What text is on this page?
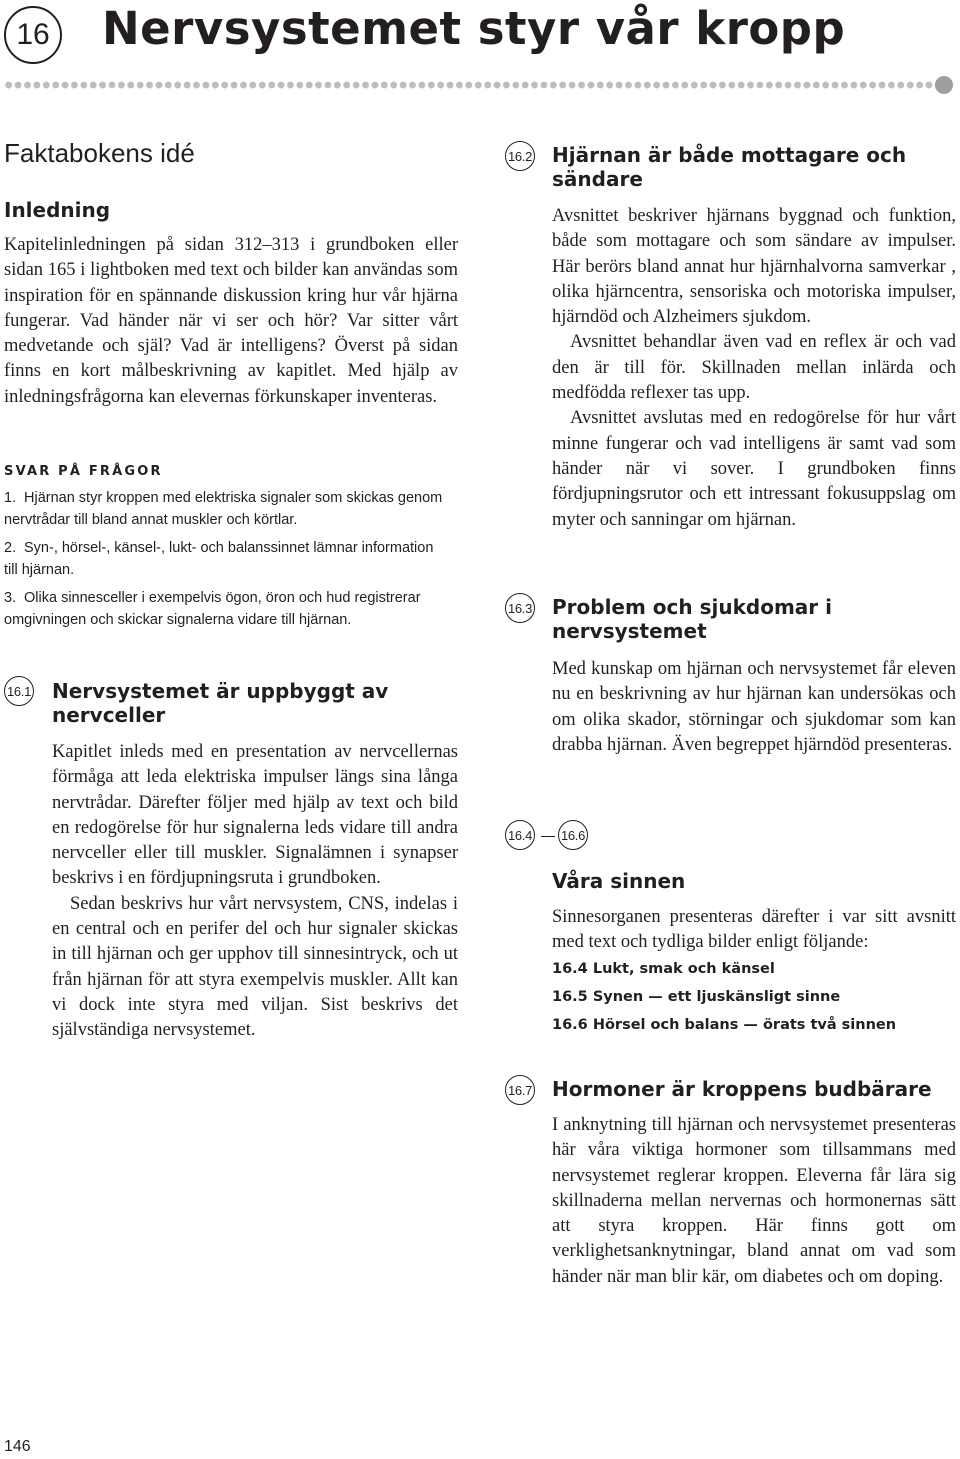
16 Nervsystemet styr vår kropp
Faktabokens idé
Inledning

Kapitelinledningen på sidan 312–313 i grundboken eller sidan 165 i lightboken med text och bilder kan användas som inspiration för en spännande diskussion kring hur vår hjärna fungerar. Vad händer när vi ser och hör? Var sitter vårt medvetande och själ? Vad är intelligens? Överst på sidan finns en kort målbeskrivning av kapitlet. Med hjälp av inledningsfrågorna kan elevernas förkunskaper inventeras.

SVAR PÅ FRÅGOR
1. Hjärnan styr kroppen med elektriska signaler som skickas genom nervtrådar till bland annat muskler och körtlar.
2. Syn-, hörsel-, känsel-, lukt- och balanssinnet lämnar information till hjärnan.
3. Olika sinnesceller i exempelvis ögon, öron och hud registrerar omgivningen och skickar signalerna vidare till hjärnan.
16.1 Nervsystemet är uppbyggt av nervceller

Kapitlet inleds med en presentation av nervcellernas förmåga att leda elektriska impulser längs sina långa nervtrådar. Därefter följer med hjälp av text och bild en redogörelse för hur signalerna leds vidare till andra nervceller eller till muskler. Signalämnen i synapser beskrivs i en fördjupningsruta i grundboken.

Sedan beskrivs hur vårt nervsystem, CNS, indelas i en central och en perifer del och hur signaler skickas in till hjärnan och ger upphov till sinnesintryck, och ut från hjärnan för att styra exempelvis muskler. Allt kan vi dock inte styra med viljan. Sist beskrivs det självständiga nervsystemet.

16.2 Hjärnan är både mottagare och sändare

Avsnittet beskriver hjärnans byggnad och funktion, både som mottagare och som sändare av impulser. Här berörs bland annat hur hjärnhalvorna samverkar , olika hjärncentra, sensoriska och motoriska impulser, hjärndöd och Alzheimers sjukdom.

Avsnittet behandlar även vad en reflex är och vad den är till för. Skillnaden mellan inlärda och medfödda reflexer tas upp.

Avsnittet avslutas med en redogörelse för hur vårt minne fungerar och vad intelligens är samt vad som händer när vi sover. I grundboken finns fördjupningsrutor och ett intressant fokusuppslag om myter och sanningar om hjärnan.

16.3 Problem och sjukdomar i nervsystemet

Med kunskap om hjärnan och nervsystemet får eleven nu en beskrivning av hur hjärnan kan undersökas och om olika skador, störningar och sjukdomar som kan drabba hjärnan. Även begreppet hjärndöd presenteras.

16.4 16.6
Våra sinnen

Sinnesorganen presenteras därefter i var sitt avsnitt med text och tydliga bilder enligt följande:

16.4 Lukt, smak och känsel
16.5 Synen — ett ljuskänsligt sinne
16.6 Hörsel och balans — örats två sinnen
16.7 Hormoner är kroppens budbärare

I anknytning till hjärnan och nervsystemet presenteras här våra viktiga hormoner som tillsammans med nervsystemet reglerar kroppen. Eleverna får lära sig skillnaderna mellan nervernas och hormonernas sätt att styra kroppen. Här finns gott om verklighetsanknytningar, bland annat om vad som händer när man blir kär, om diabetes och om doping.

146
